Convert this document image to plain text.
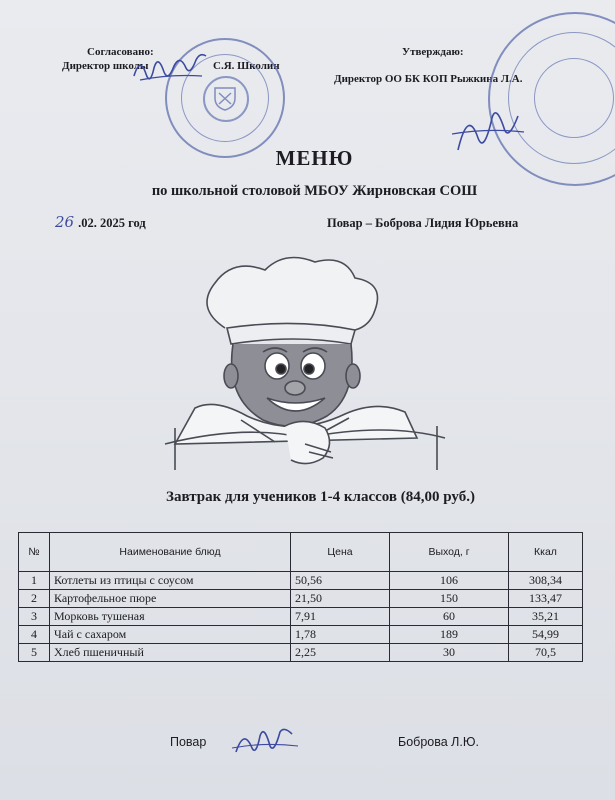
Согласовано:
Директор школы	С.Я. Школин
Утверждаю:
Директор ОО БК КОП Рыжкина Л.А.
МЕНЮ
по школьной столовой МБОУ Жирновская СОШ
26 .02. 2025 год	Повар – Боброва Лидия Юрьевна
Завтрак для учеников 1-4 классов (84,00 руб.)
№	Наименование блюд	Цена	Выход, г	Ккал
1	Котлеты из птицы с соусом	50,56	106	308,34
2	Картофельное пюре	21,50	150	133,47
3	Морковь тушеная	7,91	60	35,21
4	Чай с сахаром	1,78	189	54,99
5	Хлеб пшеничный	2,25	30	70,5
Повар	Боброва Л.Ю.
